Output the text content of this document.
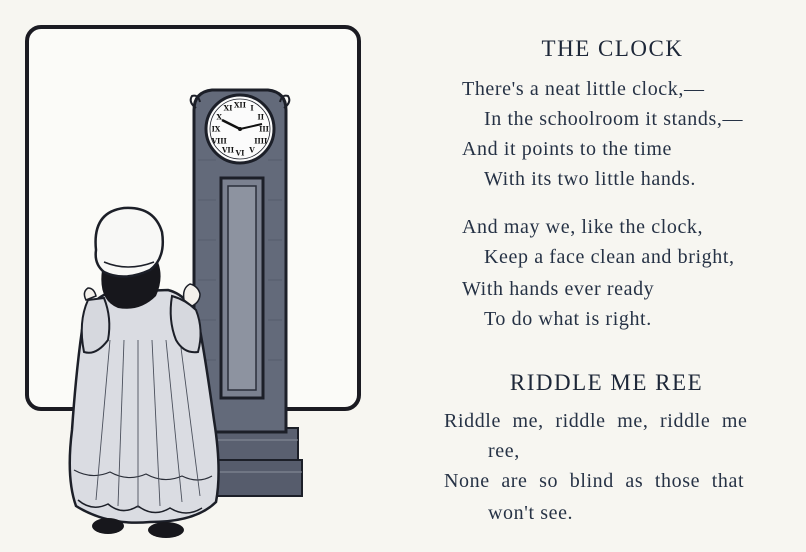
XI
X
IX
VIII
VII VI V
IIII
III
II
I
XII
THE CLOCK
There's a neat little clock,—
In the schoolroom it stands,—
And it points to the time
With its two little hands.
And may we, like the clock,
Keep a face clean and bright,
With hands ever ready
To do what is right.
RIDDLE ME REE
Riddle me, riddle me, riddle me
ree,
None are so blind as those that
won't see.
